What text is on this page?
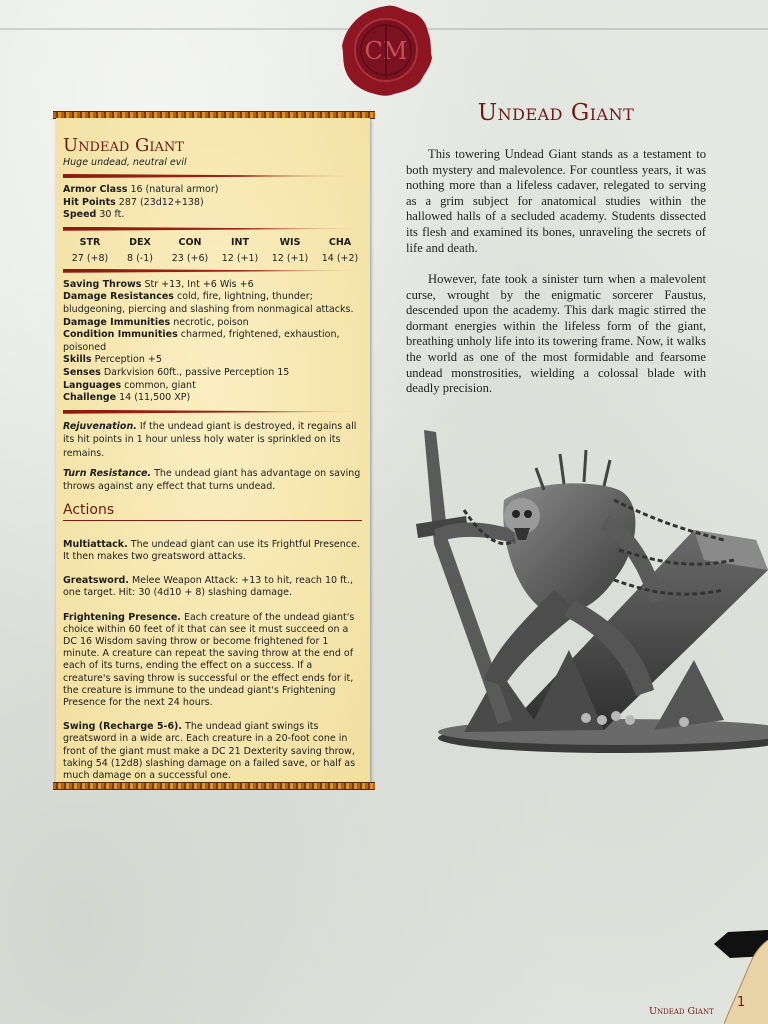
CM
Undead Giant
Huge undead, neutral evil
Armor Class 16 (natural armor)
Hit Points 287 (23d12+138)
Speed 30 ft.
STR
27 (+8)
DEX
8 (-1)
CON
23 (+6)
INT
12 (+1)
WIS
12 (+1)
CHA
14 (+2)
Saving Throws Str +13, Int +6 Wis +6
Damage Resistances cold, fire, lightning, thunder; bludgeoning, piercing and slashing from nonmagical attacks.
Damage Immunities necrotic, poison
Condition Immunities charmed, frightened, exhaustion, poisoned
Skills Perception +5
Senses Darkvision 60ft., passive Perception 15
Languages common, giant
Challenge 14 (11,500 XP)
Rejuvenation. If the undead giant is destroyed, it regains all its hit points in 1 hour unless holy water is sprinkled on its remains.
Turn Resistance. The undead giant has advantage on saving throws against any effect that turns undead.
Actions
Multiattack. The undead giant can use its Frightful Presence. It then makes two greatsword attacks.
Greatsword. Melee Weapon Attack: +13 to hit, reach 10 ft., one target. Hit: 30 (4d10 + 8) slashing damage.
Frightening Presence. Each creature of the undead giant's choice within 60 feet of it that can see it must succeed on a DC 16 Wisdom saving throw or become frightened for 1 minute. A creature can repeat the saving throw at the end of each of its turns, ending the effect on a success. If a creature's saving throw is successful or the effect ends for it, the creature is immune to the undead giant's Frightening Presence for the next 24 hours.
Swing (Recharge 5-6). The undead giant swings its greatsword in a wide arc. Each creature in a 20-foot cone in front of the giant must make a DC 21 Dexterity saving throw, taking 54 (12d8) slashing damage on a failed save, or half as much damage on a successful one.
Undead Giant
This towering Undead Giant stands as a testament to both mystery and malevolence. For countless years, it was nothing more than a lifeless cadaver, relegated to serving as a grim subject for anatomical studies within the hallowed halls of a secluded academy. Students dissected its flesh and examined its bones, unraveling the secrets of life and death.
However, fate took a sinister turn when a malevolent curse, wrought by the enigmatic sorcerer Faustus, descended upon the academy. This dark magic stirred the dormant energies within the lifeless form of the giant, breathing unholy life into its towering frame. Now, it walks the world as one of the most formidable and fearsome undead monstrosities, wielding a colossal blade with deadly precision.
Undead Giant
1
